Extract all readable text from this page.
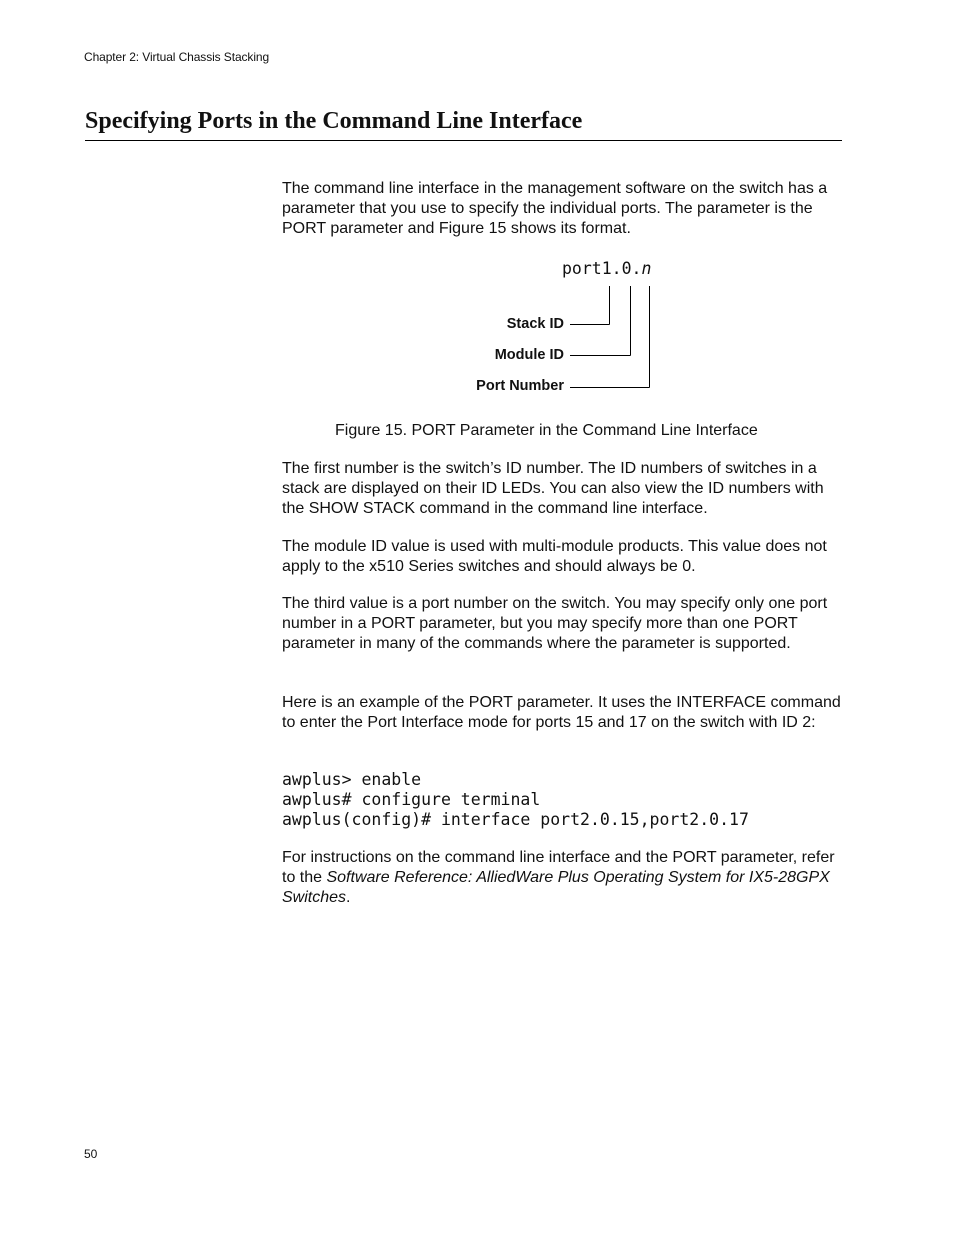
Chapter 2: Virtual Chassis Stacking
Specifying Ports in the Command Line Interface

The command line interface in the management software on the switch has a parameter that you use to specify the individual ports. The parameter is the PORT parameter and Figure 15 shows its format.

port1.0.n
Stack ID
Module ID
Port Number
Figure 15. PORT Parameter in the Command Line Interface

The first number is the switch’s ID number. The ID numbers of switches in a stack are displayed on their ID LEDs. You can also view the ID numbers with the SHOW STACK command in the command line interface.

The module ID value is used with multi-module products. This value does not apply to the x510 Series switches and should always be 0.

The third value is a port number on the switch. You may specify only one port number in a PORT parameter, but you may specify more than one PORT parameter in many of the commands where the parameter is supported.

Here is an example of the PORT parameter. It uses the INTERFACE command to enter the Port Interface mode for ports 15 and 17 on the switch with ID 2:

awplus> enable

awplus# configure terminal

awplus(config)# interface port2.0.15,port2.0.17

For instructions on the command line interface and the PORT parameter, refer to the Software Reference: AlliedWare Plus Operating System for IX5-28GPX Switches.

50
